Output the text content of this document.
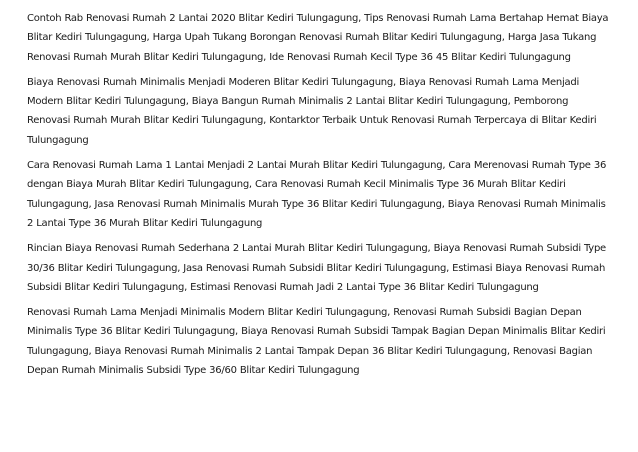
Contoh Rab Renovasi Rumah 2 Lantai 2020 Blitar Kediri Tulungagung, Tips Renovasi Rumah Lama Bertahap Hemat Biaya Blitar Kediri Tulungagung, Harga Upah Tukang Borongan Renovasi Rumah Blitar Kediri Tulungagung, Harga Jasa Tukang Renovasi Rumah Murah Blitar Kediri Tulungagung, Ide Renovasi Rumah Kecil Type 36 45 Blitar Kediri Tulungagung

Biaya Renovasi Rumah Minimalis Menjadi Moderen Blitar Kediri Tulungagung, Biaya Renovasi Rumah Lama Menjadi Modern Blitar Kediri Tulungagung, Biaya Bangun Rumah Minimalis 2 Lantai Blitar Kediri Tulungagung, Pemborong Renovasi Rumah Murah Blitar Kediri Tulungagung, Kontarktor Terbaik Untuk Renovasi Rumah Terpercaya di Blitar Kediri Tulungagung

Cara Renovasi Rumah Lama 1 Lantai Menjadi 2 Lantai Murah Blitar Kediri Tulungagung, Cara Merenovasi Rumah Type 36 dengan Biaya Murah Blitar Kediri Tulungagung, Cara Renovasi Rumah Kecil Minimalis Type 36 Murah Blitar Kediri Tulungagung, Jasa Renovasi Rumah Minimalis Murah Type 36 Blitar Kediri Tulungagung, Biaya Renovasi Rumah Minimalis 2 Lantai Type 36 Murah Blitar Kediri Tulungagung

Rincian Biaya Renovasi Rumah Sederhana 2 Lantai Murah Blitar Kediri Tulungagung, Biaya Renovasi Rumah Subsidi Type 30/36 Blitar Kediri Tulungagung, Jasa Renovasi Rumah Subsidi Blitar Kediri Tulungagung, Estimasi Biaya Renovasi Rumah Subsidi Blitar Kediri Tulungagung, Estimasi Renovasi Rumah Jadi 2 Lantai Type 36 Blitar Kediri Tulungagung

Renovasi Rumah Lama Menjadi Minimalis Modern Blitar Kediri Tulungagung, Renovasi Rumah Subsidi Bagian Depan Minimalis Type 36 Blitar Kediri Tulungagung, Biaya Renovasi Rumah Subsidi Tampak Bagian Depan Minimalis Blitar Kediri Tulungagung, Biaya Renovasi Rumah Minimalis 2 Lantai Tampak Depan 36 Blitar Kediri Tulungagung, Renovasi Bagian Depan Rumah Minimalis Subsidi Type 36/60 Blitar Kediri Tulungagung
